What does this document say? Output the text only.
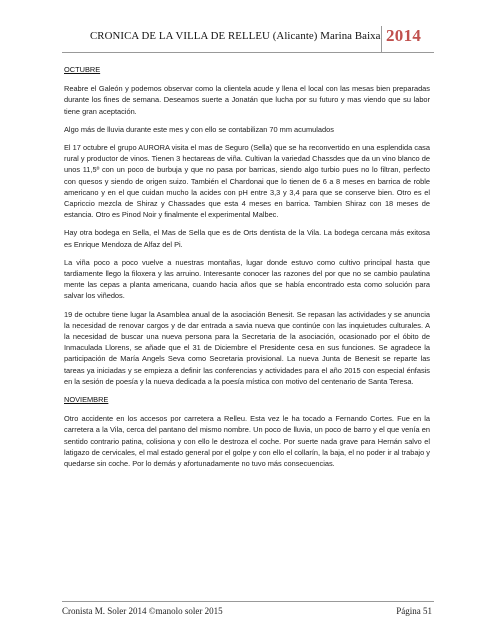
CRONICA DE LA VILLA DE RELLEU (Alicante) Marina Baixa 2014
OCTUBRE

Reabre el Galeón y podemos observar como la clientela acude y llena el local con las mesas bien preparadas durante los fines de semana. Deseamos suerte a Jonatán que lucha por su futuro y mas viendo que su labor tiene gran aceptación.

Algo más de lluvia durante este mes y con ello se contabilizan 70 mm acumulados

El 17 octubre el grupo AURORA visita el mas de Seguro (Sella) que se ha reconvertido en una esplendida casa rural y productor de vinos. Tienen 3 hectareas de viña. Cultivan la variedad Chassdes que da un vino blanco de unos 11,5º con un poco de burbuja y que no pasa por barricas, siendo algo turbio pues no lo filtran, perfecto con quesos y siendo de origen suizo. También el Chardonai que lo tienen de 6 a 8 meses en barrica de roble americano y en el que cuidan mucho la acides con pH entre 3,3 y 3,4 para que se conserve bien. Otro es el Capriccio mezcla de Shiraz y Chassades que esta 4 meses en barrica. Tambien Shiraz con 18 meses de estancia. Otro es Pinod Noir y finalmente el experimental Malbec.

Hay otra bodega en Sella, el Mas de Sella que es de Orts dentista de la Vila. La bodega cercana más exitosa es Enrique Mendoza de Alfaz del Pi.

La viña poco a poco vuelve a nuestras montañas, lugar donde estuvo como cultivo principal hasta que tardiamente llego la filoxera y las arruino. Interesante conocer las razones del por que no se cambio paulatina mente las cepas a planta americana, cuando hacia años que se había encontrado esta como solución para salvar los viñedos.

19 de octubre tiene lugar la Asamblea anual de la asociación Benesit. Se repasan las actividades y se anuncia la necesidad de renovar cargos y de dar entrada a savia nueva que continúe con las inquietudes culturales. A la necesidad de buscar una nueva persona para la Secretaria de la asociación, ocasionado por el óbito de Inmaculada Llorens, se añade que el 31 de Diciembre el Presidente cesa en sus funciones. Se agradece la participación de María Angels Seva como Secretaria provisional. La nueva Junta de Benesit se reparte las tareas ya iniciadas y se empieza a definir las conferencias y actividades para el año 2015 con especial énfasis en la sesión de poesía y la nueva dedicada a la poesía mística con motivo del centenario de Santa Teresa.

NOVIEMBRE

Otro accidente en los accesos por carretera a Relleu. Esta vez le ha tocado a Fernando Cortes. Fue en la carretera a la Vila, cerca del pantano del mismo nombre. Un poco de lluvia, un poco de barro y el que venía en sentido contrario patina, colisiona y con ello le destroza el coche. Por suerte nada grave para Hernán salvo el latigazo de cervicales, el mal estado general por el golpe y con ello el collarín, la baja, el no poder ir al trabajo y quedarse sin coche. Por lo demás y afortunadamente no tuvo más consecuencias.

Cronista M. Soler 2014 ©manolo soler 2015	Página 51
